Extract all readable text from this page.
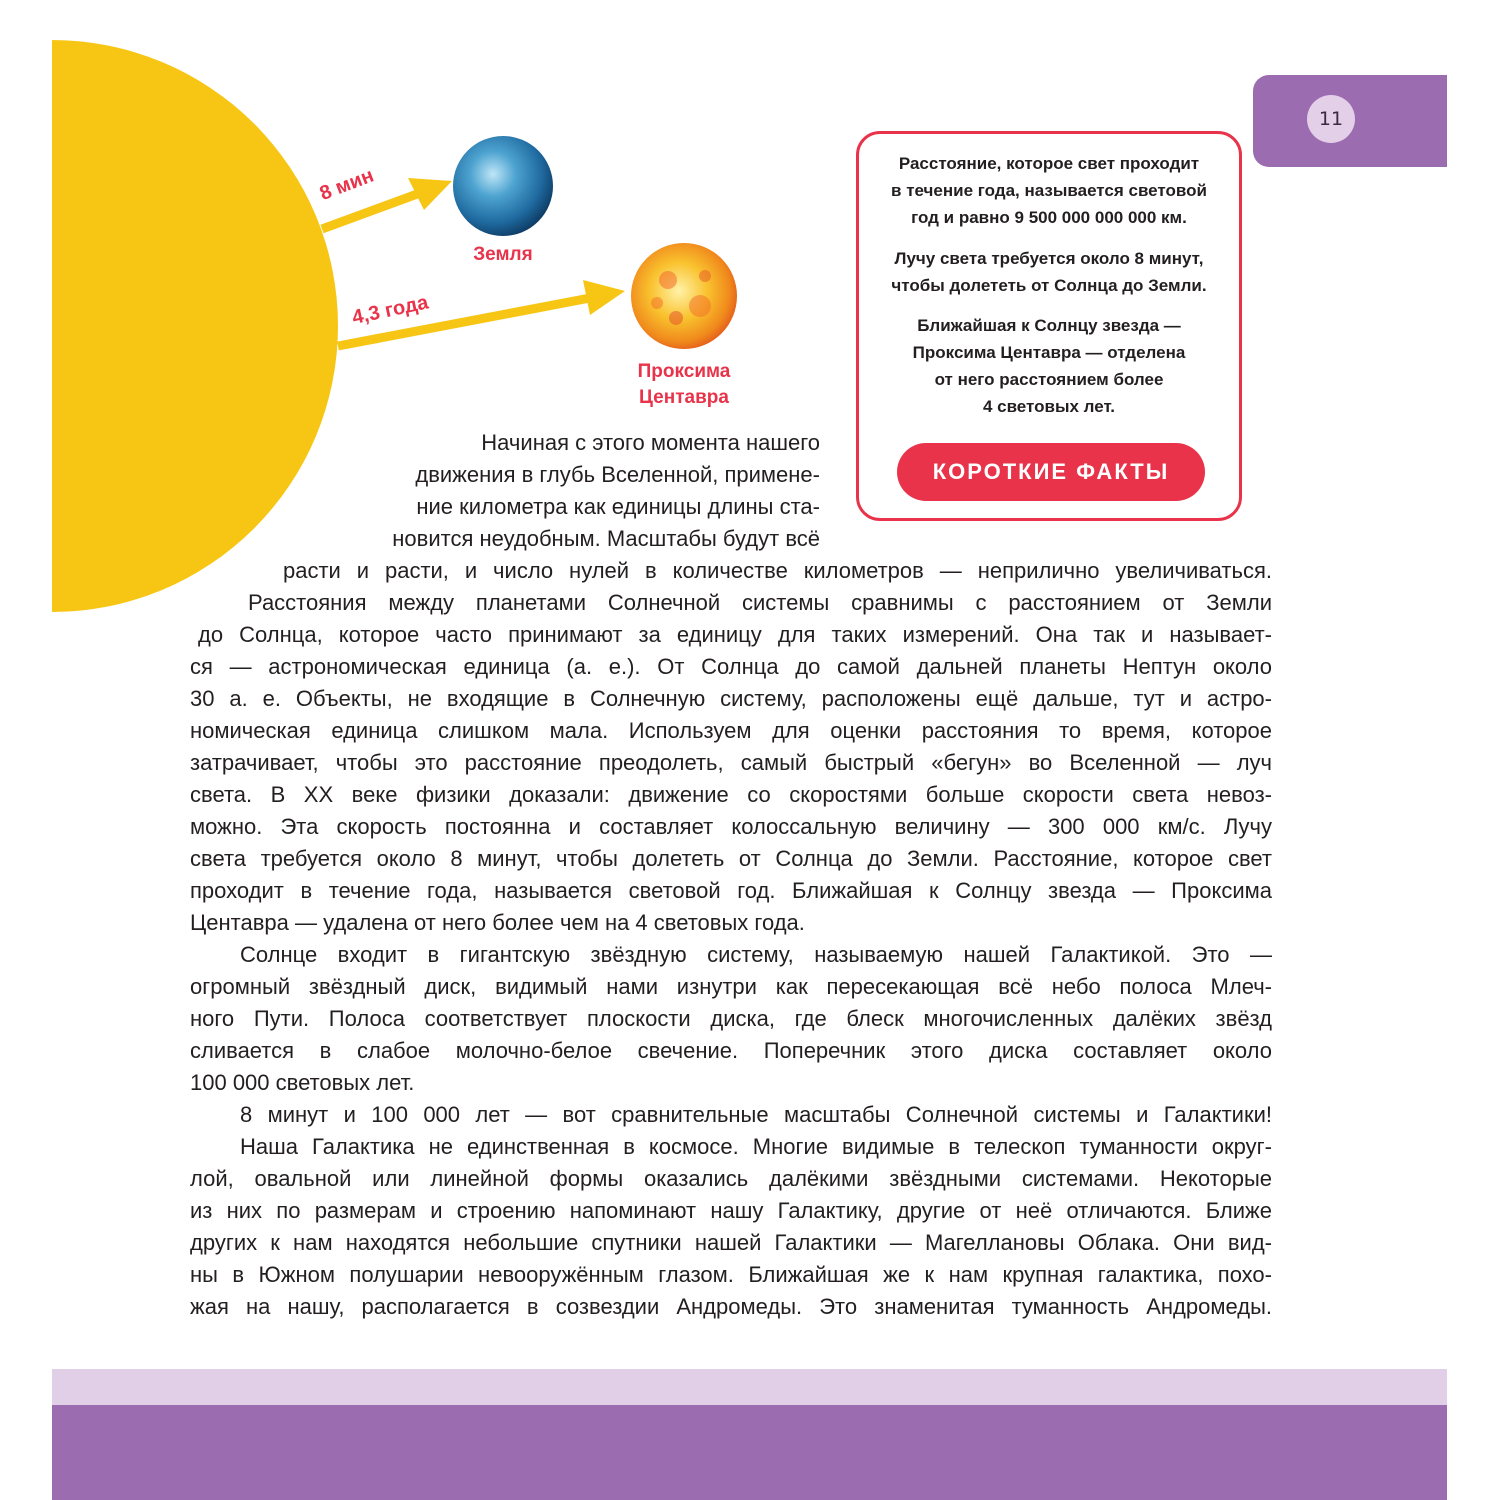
8 мин
4,3 года
Земля
Проксима
Центавра
11

Расстояние, которое свет проходит
в течение года, называется световой
год и равно 9 500 000 000 000 км.

Лучу света требуется около 8 минут,
чтобы долететь от Солнца до Земли.

Ближайшая к Солнцу звезда —
Проксима Центавра — отделена
от него расстоянием более
4 световых лет.

КОРОТКИЕ ФАКТЫ
Начиная с этого момента нашего
движения в глубь Вселенной, примене-
ние километра как единицы длины ста-
новится неудобным. Масштабы будут всё
расти и расти, и число нулей в количестве километров — неприлично увеличиваться.
Расстояния между планетами Солнечной системы сравнимы с расстоянием от Земли
до Солнца, которое часто принимают за единицу для таких измерений. Она так и называет-
ся — астрономическая единица (а. е.). От Солнца до самой дальней планеты Нептун около
30 а. е. Объекты, не входящие в Солнечную систему, расположены ещё дальше, тут и астро-
номическая единица слишком мала. Используем для оценки расстояния то время, которое
затрачивает, чтобы это расстояние преодолеть, самый быстрый «бегун» во Вселенной — луч
света. В XX веке физики доказали: движение со скоростями больше скорости света невоз-
можно. Эта скорость постоянна и составляет колоссальную величину — 300 000 км/с. Лучу
света требуется около 8 минут, чтобы долететь от Солнца до Земли. Расстояние, которое свет
проходит в течение года, называется световой год. Ближайшая к Солнцу звезда — Проксима
Центавра — удалена от него более чем на 4 световых года.
Солнце входит в гигантскую звёздную систему, называемую нашей Галактикой. Это —
огромный звёздный диск, видимый нами изнутри как пересекающая всё небо полоса Млеч-
ного Пути. Полоса соответствует плоскости диска, где блеск многочисленных далёких звёзд
сливается в слабое молочно-белое свечение. Поперечник этого диска составляет около
100 000 световых лет.
8 минут и 100 000 лет — вот сравнительные масштабы Солнечной системы и Галактики!
Наша Галактика не единственная в космосе. Многие видимые в телескоп туманности округ-
лой, овальной или линейной формы оказались далёкими звёздными системами. Некоторые
из них по размерам и строению напоминают нашу Галактику, другие от неё отличаются. Ближе
других к нам находятся небольшие спутники нашей Галактики — Магеллановы Облака. Они вид-
ны в Южном полушарии невооружённым глазом. Ближайшая же к нам крупная галактика, похо-
жая на нашу, располагается в созвездии Андромеды. Это знаменитая туманность Андромеды.
